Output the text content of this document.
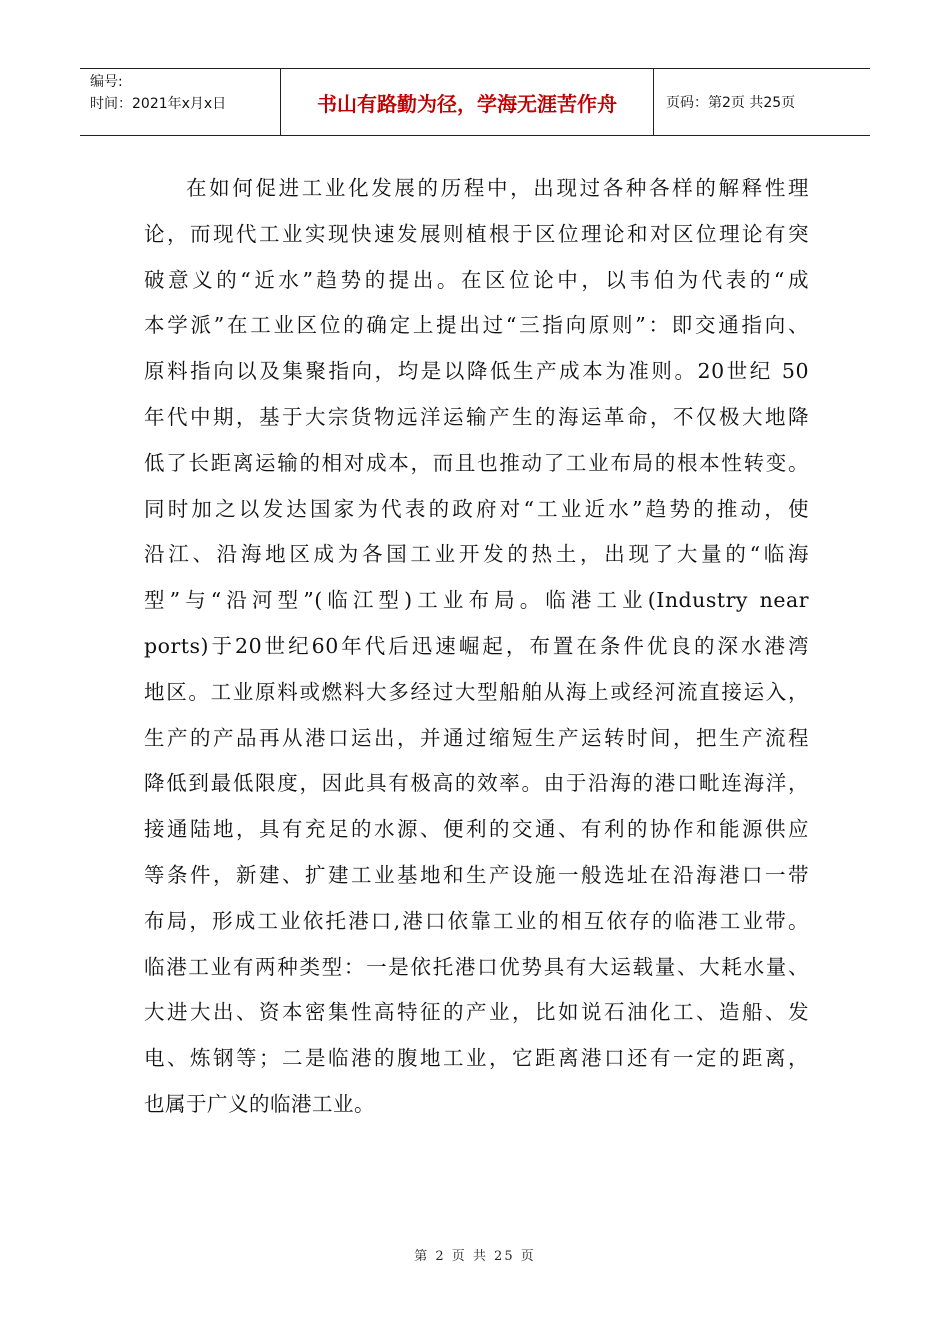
编号:
时间：2021年x月x日	书山有路勤为径，学海无涯苦作舟	页码：第2页 共25页
在如何促进工业化发展的历程中，出现过各种各样的解释性理
论，而现代工业实现快速发展则植根于区位理论和对区位理论有突
破意义的“近水”趋势的提出。在区位论中，以韦伯为代表的“成
本学派”在工业区位的确定上提出过“三指向原则”：即交通指向、
原料指向以及集聚指向，均是以降低生产成本为准则。20世纪 50
年代中期，基于大宗货物远洋运输产生的海运革命，不仅极大地降
低了长距离运输的相对成本，而且也推动了工业布局的根本性转变。
同时加之以发达国家为代表的政府对“工业近水”趋势的推动，使
沿江、沿海地区成为各国工业开发的热土，出现了大量的“临海
型”与“沿河型”(临江型)工业布局。临港工业(Industry near
ports)于20世纪60年代后迅速崛起，布置在条件优良的深水港湾
地区。工业原料或燃料大多经过大型船舶从海上或经河流直接运入，
生产的产品再从港口运出，并通过缩短生产运转时间，把生产流程
降低到最低限度，因此具有极高的效率。由于沿海的港口毗连海洋，
接通陆地，具有充足的水源、便利的交通、有利的协作和能源供应
等条件，新建、扩建工业基地和生产设施一般选址在沿海港口一带
布局，形成工业依托港口,港口依靠工业的相互依存的临港工业带。
临港工业有两种类型：一是依托港口优势具有大运载量、大耗水量、
大进大出、资本密集性高特征的产业，比如说石油化工、造船、发
电、炼钢等；二是临港的腹地工业，它距离港口还有一定的距离，
也属于广义的临港工业。
第 2 页 共 25 页
